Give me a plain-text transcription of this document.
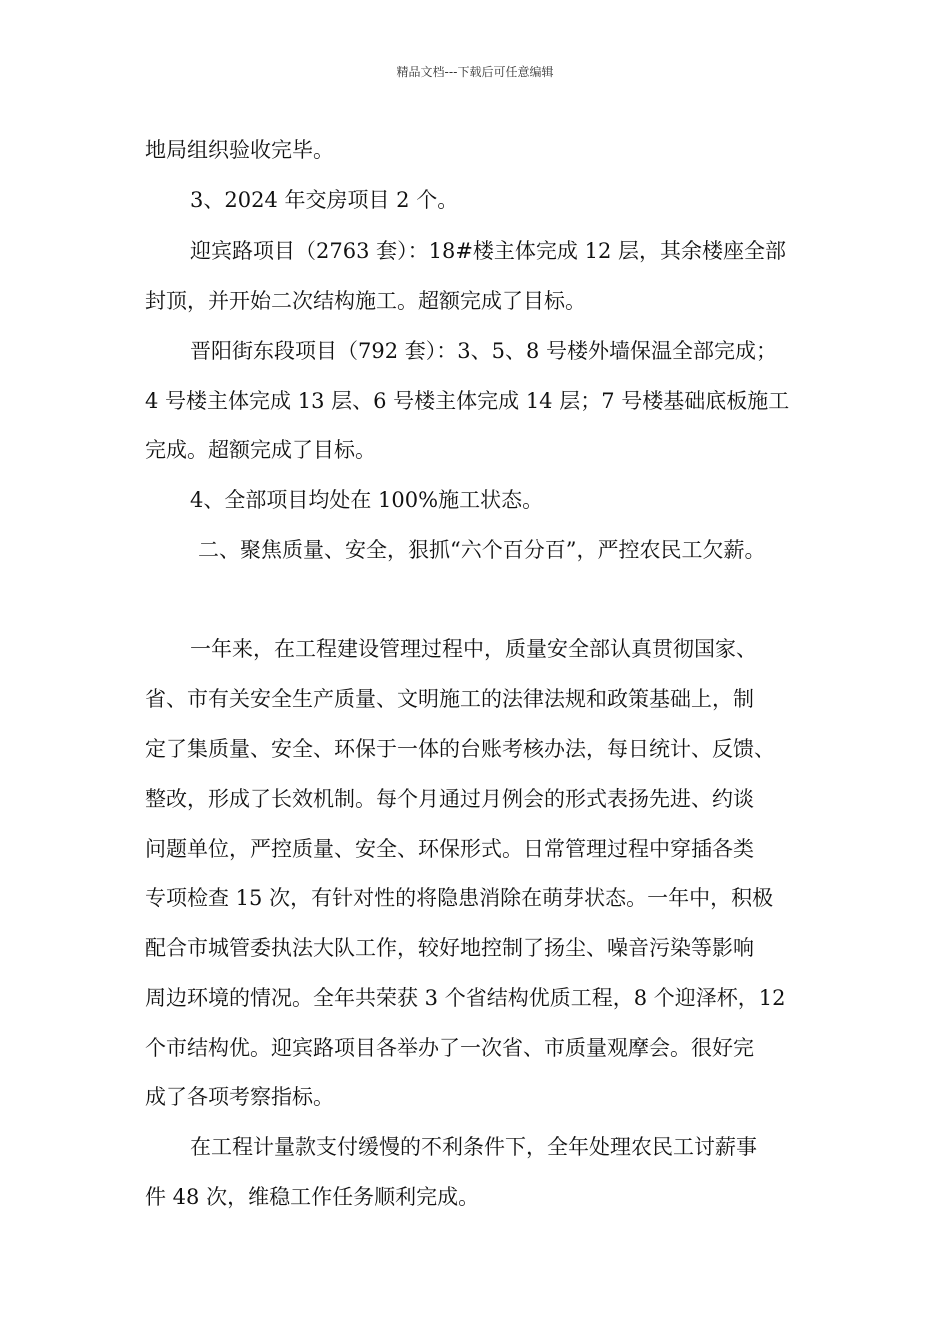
精品文档---下载后可任意编辑
地局组织验收完毕。
3、2024 年交房项目 2 个。
迎宾路项目（2763 套）：18#楼主体完成 12 层，其余楼座全部
封顶，并开始二次结构施工。超额完成了目标。
晋阳街东段项目（792 套）：3、5、8 号楼外墙保温全部完成；
4 号楼主体完成 13 层、6 号楼主体完成 14 层；7 号楼基础底板施工
完成。超额完成了目标。
4、全部项目均处在 100%施工状态。
二、聚焦质量、安全，狠抓“六个百分百”，严控农民工欠薪。
一年来，在工程建设管理过程中，质量安全部认真贯彻国家、
省、市有关安全生产质量、文明施工的法律法规和政策基础上，制
定了集质量、安全、环保于一体的台账考核办法，每日统计、反馈、
整改，形成了长效机制。每个月通过月例会的形式表扬先进、约谈
问题单位，严控质量、安全、环保形式。日常管理过程中穿插各类
专项检查 15 次，有针对性的将隐患消除在萌芽状态。一年中，积极
配合市城管委执法大队工作，较好地控制了扬尘、噪音污染等影响
周边环境的情况。全年共荣获 3 个省结构优质工程，8 个迎泽杯，12
个市结构优。迎宾路项目各举办了一次省、市质量观摩会。很好完
成了各项考察指标。
在工程计量款支付缓慢的不利条件下，全年处理农民工讨薪事
件 48 次，维稳工作任务顺利完成。
